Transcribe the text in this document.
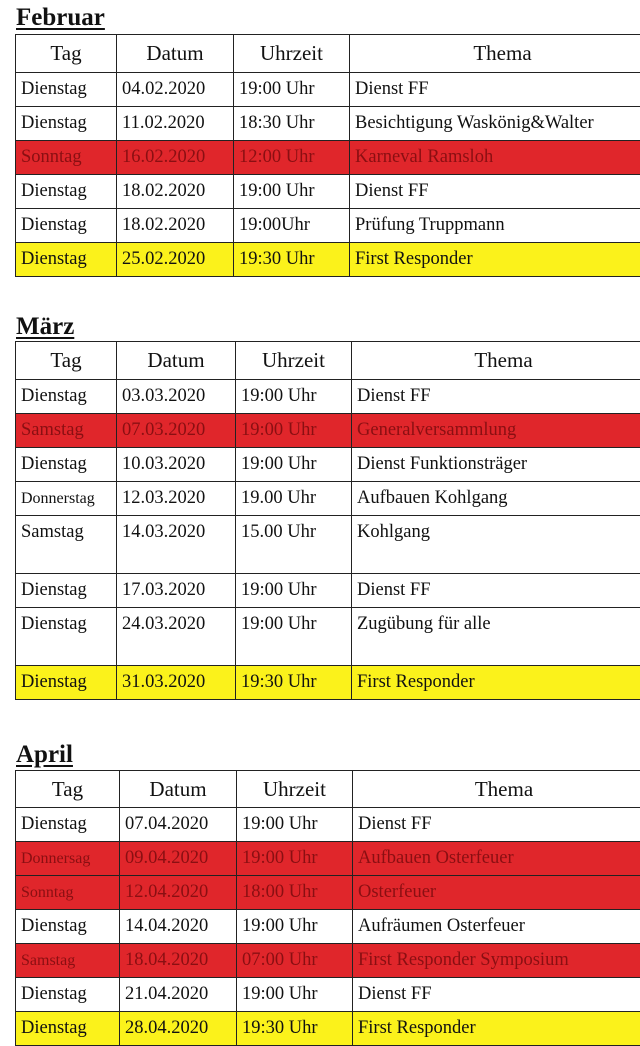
Februar
Tag	Datum	Uhrzeit	Thema
Dienstag	04.02.2020	19:00 Uhr	Dienst FF
Dienstag	11.02.2020	18:30 Uhr	Besichtigung Waskönig&Walter
Sonntag	16.02.2020	12:00 Uhr	Karneval Ramsloh
Dienstag	18.02.2020	19:00 Uhr	Dienst FF
Dienstag	18.02.2020	19:00Uhr	Prüfung Truppmann
Dienstag	25.02.2020	19:30 Uhr	First Responder
März
Tag	Datum	Uhrzeit	Thema
Dienstag	03.03.2020	19:00 Uhr	Dienst FF
Samstag	07.03.2020	19:00 Uhr	Generalversammlung
Dienstag	10.03.2020	19:00 Uhr	Dienst Funktionsträger
Donnerstag	12.03.2020	19.00 Uhr	Aufbauen Kohlgang
Samstag	14.03.2020	15.00 Uhr	Kohlgang
Dienstag	17.03.2020	19:00 Uhr	Dienst FF
Dienstag	24.03.2020	19:00 Uhr	Zugübung für alle
Dienstag	31.03.2020	19:30 Uhr	First Responder
April
Tag	Datum	Uhrzeit	Thema
Dienstag	07.04.2020	19:00 Uhr	Dienst FF
Donnersag	09.04.2020	19:00 Uhr	Aufbauen Osterfeuer
Sonntag	12.04.2020	18:00 Uhr	Osterfeuer
Dienstag	14.04.2020	19:00 Uhr	Aufräumen Osterfeuer
Samstag	18.04.2020	07:00 Uhr	First Responder Symposium
Dienstag	21.04.2020	19:00 Uhr	Dienst FF
Dienstag	28.04.2020	19:30 Uhr	First Responder
